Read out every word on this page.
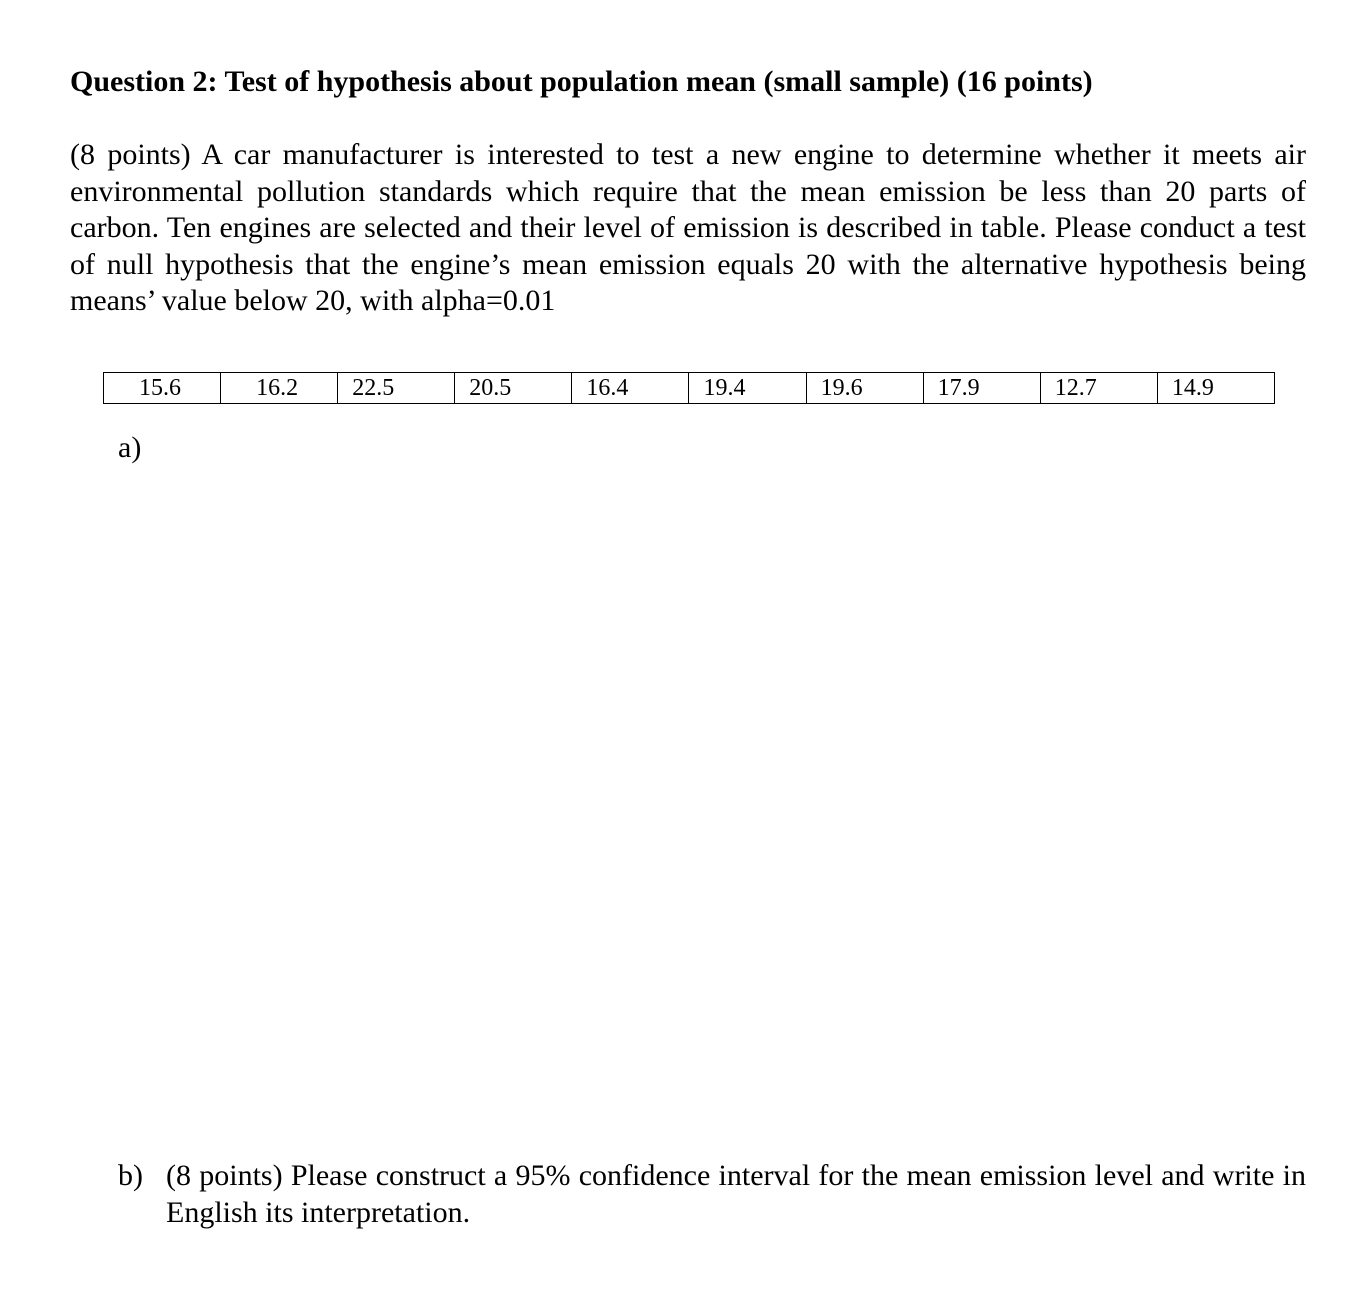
Question 2: Test of hypothesis about population mean (small sample) (16 points)

(8 points) A car manufacturer is interested to test a new engine to determine whether it meets air environmental pollution standards which require that the mean emission be less than 20 parts of carbon. Ten engines are selected and their level of emission is described in table. Please conduct a test of null hypothesis that the engine’s mean emission equals 20 with the alternative hypothesis being means’ value below 20, with alpha=0.01

15.6	16.2	22.5	20.5	16.4	19.4	19.6	17.9	12.7	14.9
a)
b) (8 points) Please construct a 95% confidence interval for the mean emission level and write in English its interpretation.
